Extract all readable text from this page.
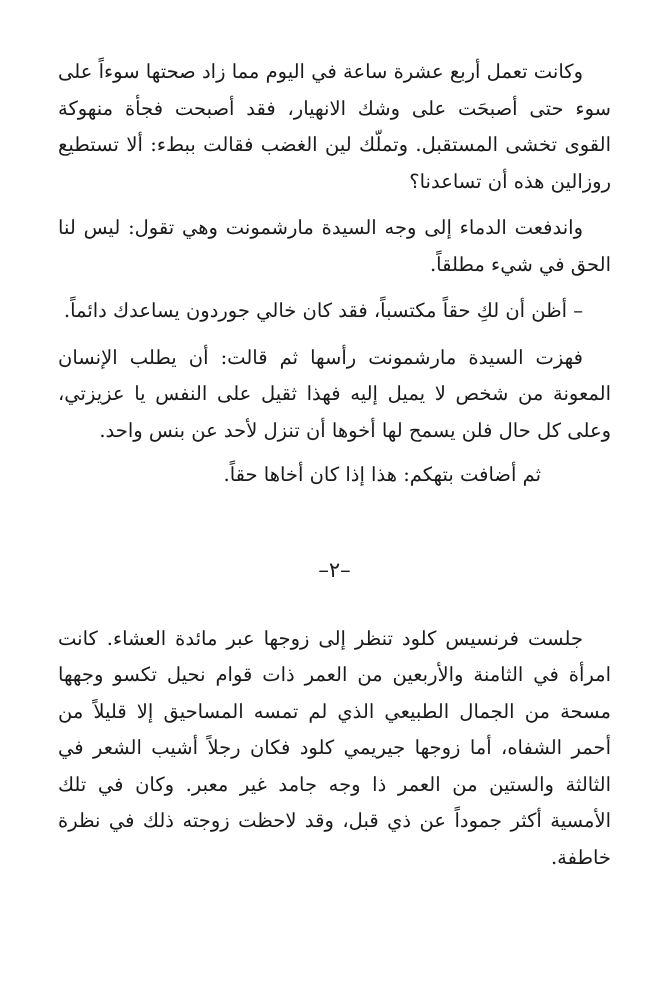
وكانت تعمل أربع عشرة ساعة في اليوم مما زاد صحتها سوءاً على سوء حتى أصبحَت على وشك الانهيار، فقد أصبحت فجأة منهوكة القوى تخشى المستقبل. وتملّك لين الغضب فقالت ببطء: ألا تستطيع روزالين هذه أن تساعدنا؟

واندفعت الدماء إلى وجه السيدة مارشمونت وهي تقول: ليس لنا الحق في شيء مطلقاً.

– أظن أن لكِ حقاً مكتسباً، فقد كان خالي جوردون يساعدك دائماً.

فهزت السيدة مارشمونت رأسها ثم قالت: أن يطلب الإنسان المعونة من شخص لا يميل إليه فهذا ثقيل على النفس يا عزيزتي، وعلى كل حال فلن يسمح لها أخوها أن تنزل لأحد عن بنس واحد.

ثم أضافت بتهكم: هذا إذا كان أخاها حقاً.

–٢–

جلست فرنسيس كلود تنظر إلى زوجها عبر مائدة العشاء. كانت امرأة في الثامنة والأربعين من العمر ذات قوام نحيل تكسو وجهها مسحة من الجمال الطبيعي الذي لم تمسه المساحيق إلا قليلاً من أحمر الشفاه، أما زوجها جيريمي كلود فكان رجلاً أشيب الشعر في الثالثة والستين من العمر ذا وجه جامد غير معبر. وكان في تلك الأمسية أكثر جموداً عن ذي قبل، وقد لاحظت زوجته ذلك في نظرة خاطفة.
